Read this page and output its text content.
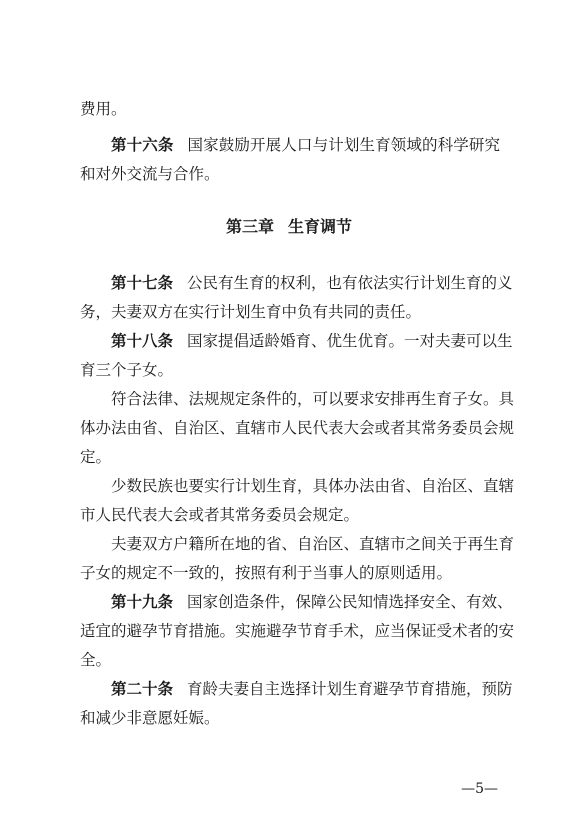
费用。
第十六条 国家鼓励开展人口与计划生育领域的科学研究
和对外交流与合作。
第三章 生育调节
第十七条 公民有生育的权利，也有依法实行计划生育的义
务，夫妻双方在实行计划生育中负有共同的责任。
第十八条 国家提倡适龄婚育、优生优育。一对夫妻可以生
育三个子女。
符合法律、法规规定条件的，可以要求安排再生育子女。具
体办法由省、自治区、直辖市人民代表大会或者其常务委员会规
定。
少数民族也要实行计划生育，具体办法由省、自治区、直辖
市人民代表大会或者其常务委员会规定。
夫妻双方户籍所在地的省、自治区、直辖市之间关于再生育
子女的规定不一致的，按照有利于当事人的原则适用。
第十九条 国家创造条件，保障公民知情选择安全、有效、
适宜的避孕节育措施。实施避孕节育手术，应当保证受术者的安
全。
第二十条 育龄夫妻自主选择计划生育避孕节育措施，预防
和减少非意愿妊娠。
—5—
